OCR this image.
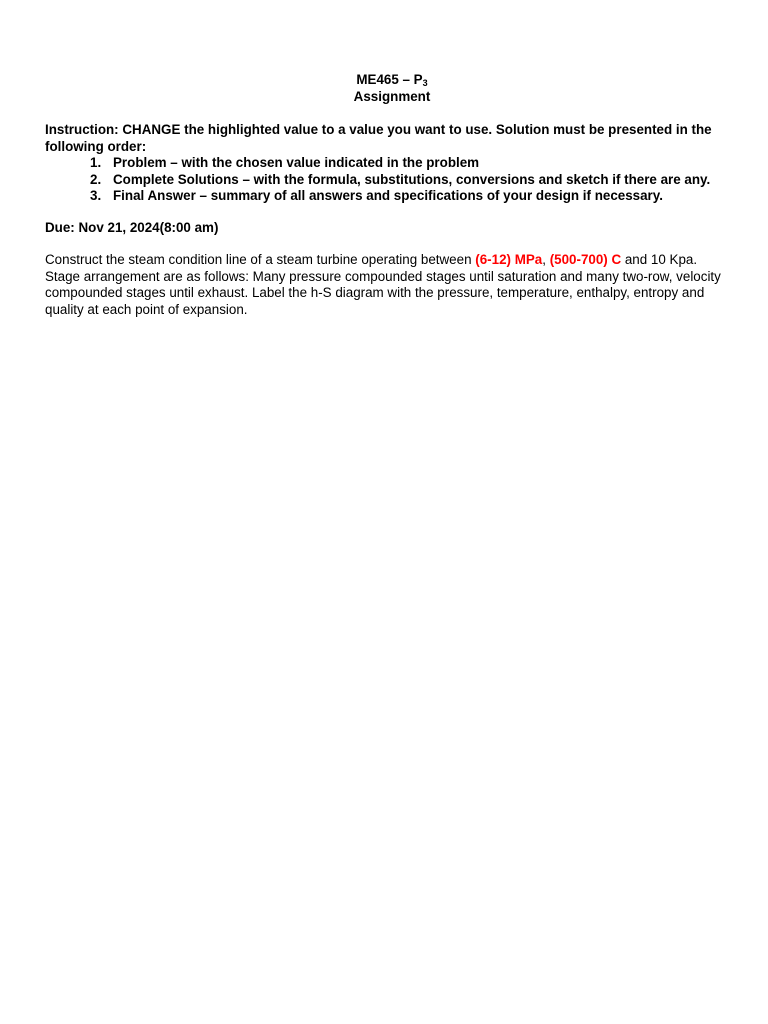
$ME465 - P_3$
Assignment
Instruction: CHANGE the highlighted value to a value you want to use. Solution must be presented in the following order:
1. Problem – with the chosen value indicated in the problem
2. Complete Solutions – with the formula, substitutions, conversions and sketch if there are any.
3. Final Answer – summary of all answers and specifications of your design if necessary.
Due: Nov 21, 2024(8:00 am)
Construct the steam condition line of a steam turbine operating between (6-12) MPa, (500-700) C and 10 Kpa. Stage arrangement are as follows: Many pressure compounded stages until saturation and many two-row, velocity compounded stages until exhaust. Label the h-S diagram with the pressure, temperature, enthalpy, entropy and quality at each point of expansion.
